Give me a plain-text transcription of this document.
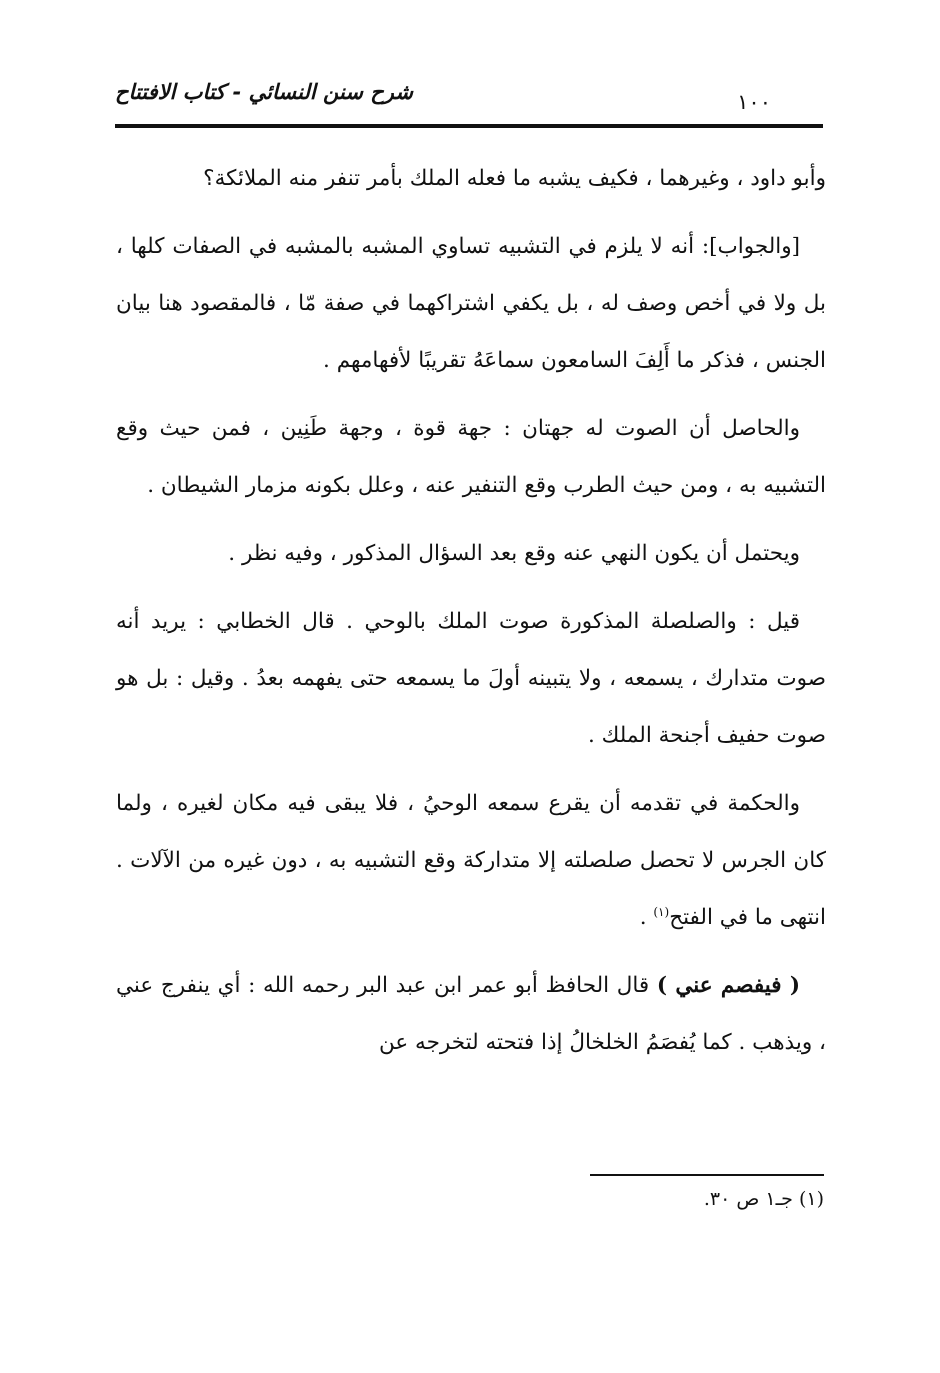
شرح سنن النسائي - كتاب الافتتاح	١٠٠

وأبو داود ، وغيرهما ، فكيف يشبه ما فعله الملك بأمر تنفر منه الملائكة؟

[والجواب]: أنه لا يلزم في التشبيه تساوي المشبه بالمشبه في الصفات كلها ، بل ولا في أخص وصف له ، بل يكفي اشتراكهما في صفة مّا ، فالمقصود هنا بيان الجنس ، فذكر ما أَلِفَ السامعون سماعَهُ تقريبًا لأفهامهم .

والحاصل أن الصوت له جهتان : جهة قوة ، وجهة طَنِين ، فمن حيث وقع التشبيه به ، ومن حيث الطرب وقع التنفير عنه ، وعلل بكونه مزمار الشيطان .

ويحتمل أن يكون النهي عنه وقع بعد السؤال المذكور ، وفيه نظر .

قيل : والصلصلة المذكورة صوت الملك بالوحي . قال الخطابي : يريد أنه صوت متدارك ، يسمعه ، ولا يتبينه أولَ ما يسمعه حتى يفهمه بعدُ . وقيل : بل هو صوت حفيف أجنحة الملك .

والحكمة في تقدمه أن يقرع سمعه الوحيُ ، فلا يبقى فيه مكان لغيره ، ولما كان الجرس لا تحصل صلصلته إلا متداركة وقع التشبيه به ، دون غيره من الآلات . انتهى ما في الفتح$^{(١)}$ .

( فيفصم عني ) قال الحافظ أبو عمر ابن عبد البر رحمه الله : أي ينفرج عني ، ويذهب . كما يُفصَمُ الخلخالُ إذا فتحته لتخرجه عن

(١) جـ١ ص ٣٠.
